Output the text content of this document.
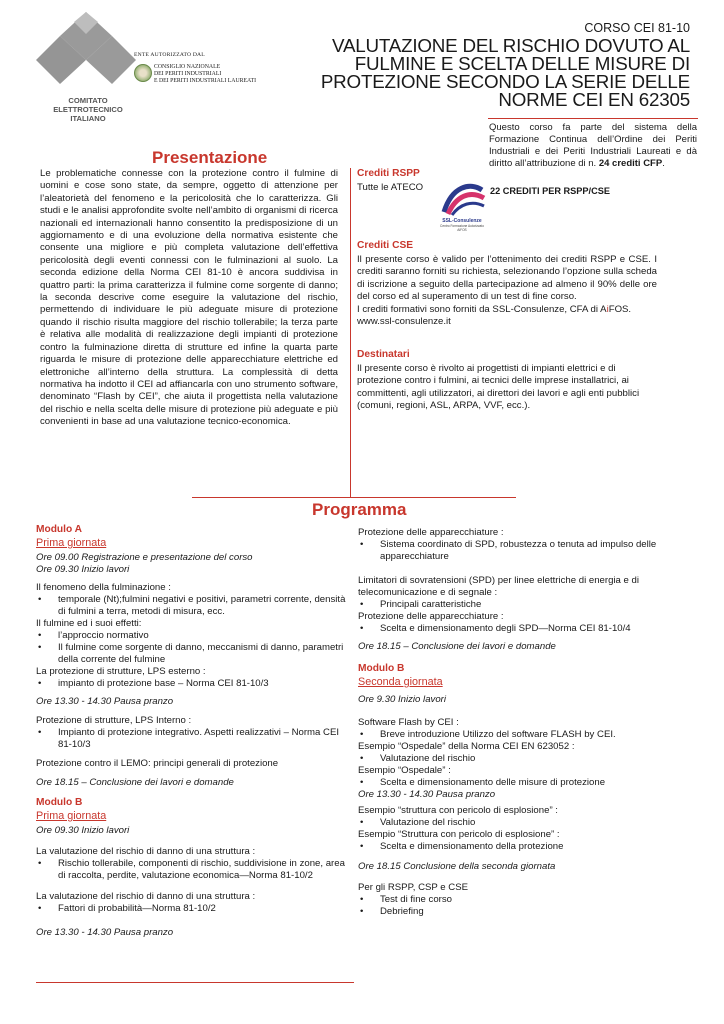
COMITATO
ELETTROTECNICO
ITALIANO
ENTE AUTORIZZATO DAL
CONSIGLIO NAZIONALE
DEI PERITI INDUSTRIALI
E DEI PERITI INDUSTRIALI LAUREATI
CORSO CEI 81-10
VALUTAZIONE DEL RISCHIO DOVUTO AL
FULMINE E SCELTA DELLE MISURE DI
PROTEZIONE SECONDO LA SERIE DELLE
NORME CEI EN 62305
Questo corso fa parte del sistema della Formazione Continua dell’Ordine dei Periti Industriali e dei Periti Industriali Laureati e dà diritto all’attribuzione di n. 24 crediti CFP.
Presentazione
Le problematiche connesse con la protezione contro il fulmine di uomini e cose sono state, da sempre, oggetto di attenzione per l’aleatorietà del fenomeno e la pericolosità che lo caratterizza. Gli studi e le analisi approfondite svolte nell’ambito di organismi di ricerca nazionali ed internazionali hanno consentito la predisposizione di un aggiornamento e di una evoluzione della normativa esistente che consente una migliore e più completa valutazione dell’effettiva pericolosità degli eventi connessi con le fulminazioni al suolo. La seconda edizione della Norma CEI 81-10 è ancora suddivisa in quattro parti: la prima caratterizza il fulmine come sorgente di danno; la seconda descrive come eseguire la valutazione del rischio, permettendo di individuare le più adeguate misure di protezione quando il rischio risulta maggiore del rischio tollerabile; la terza parte è relativa alle modalità di realizzazione degli impianti di protezione contro la fulminazione diretta di strutture ed infine la quarta parte riguarda le misure di protezione delle apparecchiature elettriche ed elettroniche all’interno della struttura. La complessità di detta normativa ha indotto il CEI ad affiancarla con uno strumento software, denominato “Flash by CEI”, che aiuta il progettista nella valutazione del rischio e nella scelta delle misure di protezione più adeguate e più convenienti in base ad una valutazione tecnico-economica.
Crediti RSPP
Tutte le ATECO
SSL-Consulenze
Centro Formazione Autorizzato
AiFOS
22 CREDITI PER RSPP/CSE
Crediti CSE
Il presente corso è valido per l’ottenimento dei crediti RSPP e CSE. I crediti saranno forniti su richiesta, selezionando l’opzione sulla scheda di iscrizione a seguito della partecipazione ad almeno il 90% delle ore del corso ed al superamento di un test di fine corso.
I crediti formativi sono forniti da SSL-Consulenze, CFA di AiFOS.
www.ssl-consulenze.it
Destinatari
Il presente corso è rivolto ai progettisti di impianti elettrici e di protezione contro i fulmini, ai tecnici delle imprese installatrici, ai committenti, agli utilizzatori, ai direttori dei lavori e agli enti pubblici (comuni, regioni, ASL, ARPA, VVF, ecc.).
Programma
Modulo A
Prima giornata
Ore 09.00 Registrazione e presentazione del corso
Ore 09.30 Inizio lavori
Il fenomeno della fulminazione :
• temporale (Nt);fulmini negativi e positivi, parametri corrente, densità di fulmini a terra, metodi di misura, ecc.
Il fulmine ed i suoi effetti:
• l’approccio normativo
• Il fulmine come sorgente di danno, meccanismi di danno, parametri della corrente del fulmine
La protezione di strutture, LPS esterno :
• impianto di protezione base – Norma CEI 81-10/3
Ore 13.30 - 14.30 Pausa pranzo
Protezione di strutture, LPS Interno :
• Impianto di protezione integrativo. Aspetti realizzativi – Norma CEI 81-10/3
Protezione contro il LEMO: principi generali di protezione
Ore 18.15 – Conclusione dei lavori e domande
Modulo B
Prima giornata
Ore 09.30 Inizio lavori
La valutazione del rischio di danno di una struttura :
• Rischio tollerabile, componenti di rischio, suddivisione in zone, area di raccolta, perdite, valutazione economica—Norma 81-10/2
La valutazione del rischio di danno di una struttura :
• Fattori di probabilità—Norma 81-10/2
Ore 13.30 - 14.30 Pausa pranzo
Protezione delle apparecchiature :
• Sistema coordinato di SPD, robustezza o tenuta ad impulso delle apparecchiature
Limitatori di sovratensioni (SPD) per linee elettriche di energia e di telecomunicazione e di segnale :
• Principali caratteristiche
Protezione delle apparecchiature :
• Scelta e dimensionamento degli SPD—Norma CEI 81-10/4
Ore 18.15 – Conclusione dei lavori e domande
Modulo B
Seconda giornata
Ore 9.30 Inizio lavori
Software Flash by CEI :
• Breve introduzione Utilizzo del software FLASH by CEI.
Esempio “Ospedale” della Norma CEI EN 623052 :
• Valutazione del rischio
Esempio “Ospedale” :
• Scelta e dimensionamento delle misure di protezione
Ore 13.30 - 14.30 Pausa pranzo
Esempio “struttura con pericolo di esplosione” :
• Valutazione del rischio
Esempio “Struttura con pericolo di esplosione” :
• Scelta e dimensionamento della protezione
Ore 18.15 Conclusione della seconda giornata
Per gli RSPP, CSP e CSE
• Test di fine corso
• Debriefing
